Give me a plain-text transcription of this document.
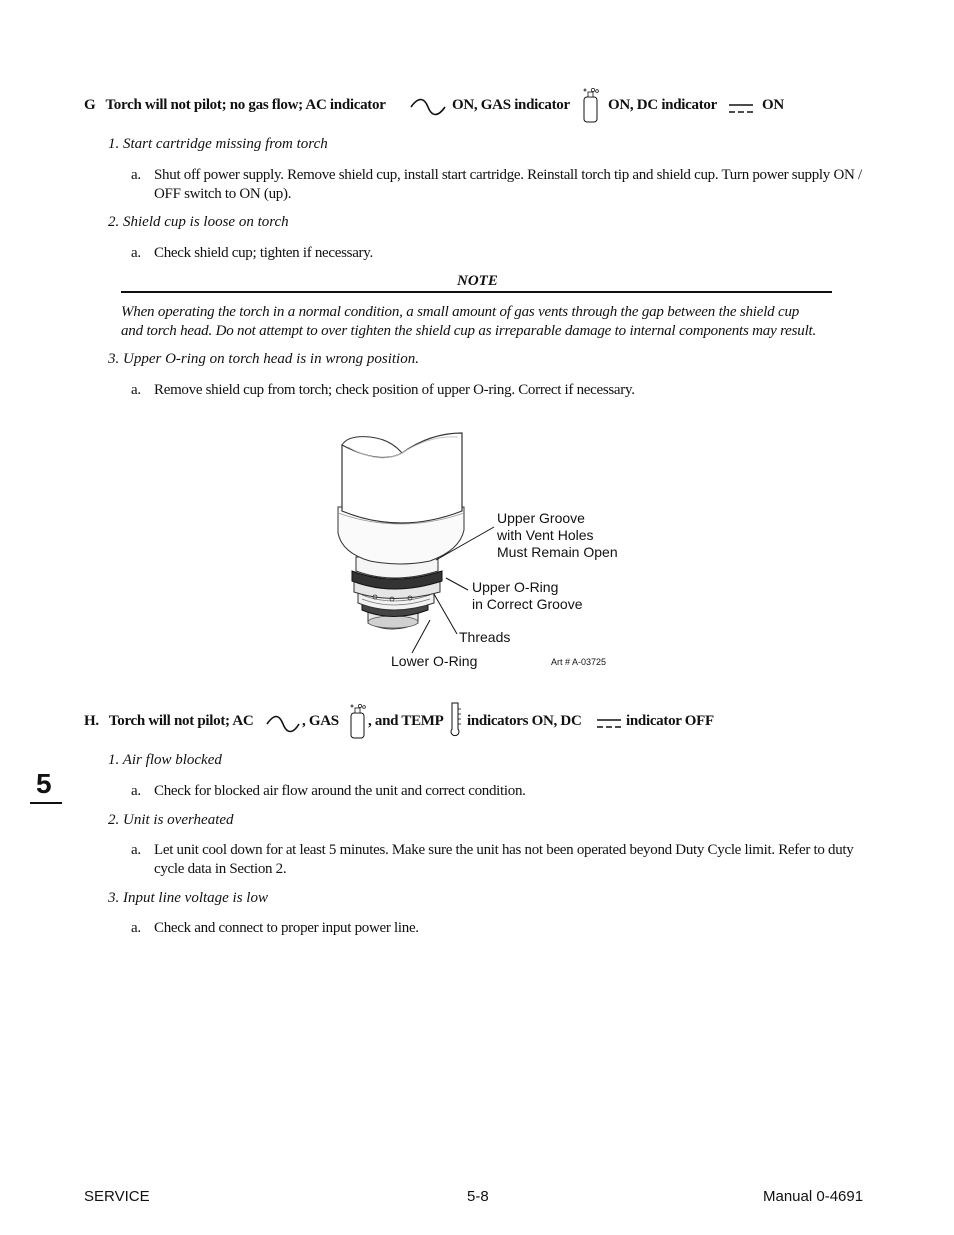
G Torch will not pilot; no gas flow; AC indicator	ON, GAS indicator	ON, DC indicator	ON
1. Start cartridge missing from torch
a. Shut off power supply. Remove shield cup, install start cartridge. Reinstall torch tip and shield cup. Turn power supply ON / OFF switch to ON (up).
2. Shield cup is loose on torch
a. Check shield cup; tighten if necessary.
NOTE
When operating the torch in a normal condition, a small amount of gas vents through the gap between the shield cup
and torch head. Do not attempt to over tighten the shield cup as irreparable damage to internal components may result.
3. Upper O-ring on torch head is in wrong position.
a. Remove shield cup from torch; check position of upper O-ring. Correct if necessary.
Upper Groove
with Vent Holes
Must Remain Open
Upper O-Ring
in Correct Groove
Threads
Lower O-Ring	Art # A-03725
H. Torch will not pilot; AC	, GAS , and TEMP indicators ON, DC	indicator OFF
1. Air flow blocked
a. Check for blocked air flow around the unit and correct condition.
2. Unit is overheated
a. Let unit cool down for at least 5 minutes. Make sure the unit has not been operated beyond Duty Cycle limit. Refer to duty cycle data in Section 2.
3. Input line voltage is low
a. Check and connect to proper input power line.
5
SERVICE	5-8	Manual 0-4691
